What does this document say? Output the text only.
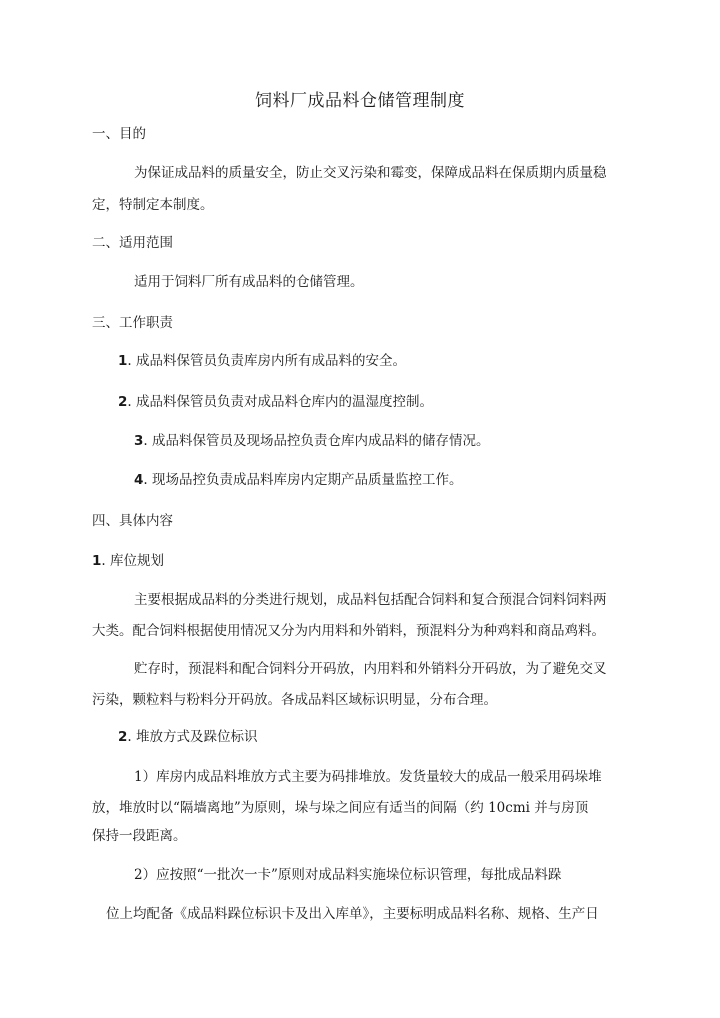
饲料厂成品料仓储管理制度
一、目的
为保证成品料的质量安全，防止交叉污染和霉变，保障成品料在保质期内质量稳
定，特制定本制度。
二、适用范围
适用于饲料厂所有成品料的仓储管理。
三、工作职责
1. 成品料保管员负责库房内所有成品料的安全。
2. 成品料保管员负责对成品料仓库内的温湿度控制。
3. 成品料保管员及现场品控负责仓库内成品料的储存情况。
4. 现场品控负责成品料库房内定期产品质量监控工作。
四、具体内容
1. 库位规划
主要根据成品料的分类进行规划，成品料包括配合饲料和复合预混合饲料饲料两
大类。配合饲料根据使用情况又分为内用料和外销料，预混料分为种鸡料和商品鸡料。
贮存时，预混料和配合饲料分开码放，内用料和外销料分开码放，为了避免交叉
污染，颗粒料与粉料分开码放。各成品料区域标识明显，分布合理。
2. 堆放方式及跺位标识
1）库房内成品料堆放方式主要为码排堆放。发货量较大的成品一般采用码垛堆
放，堆放时以“隔墙离地”为原则，垛与垛之间应有适当的间隔（约 10cmi 并与房顶
保持一段距离。
2）应按照“一批次一卡”原则对成品料实施垛位标识管理，每批成品料跺
位上均配备《成品料跺位标识卡及出入库单》，主要标明成品料名称、规格、生产日
